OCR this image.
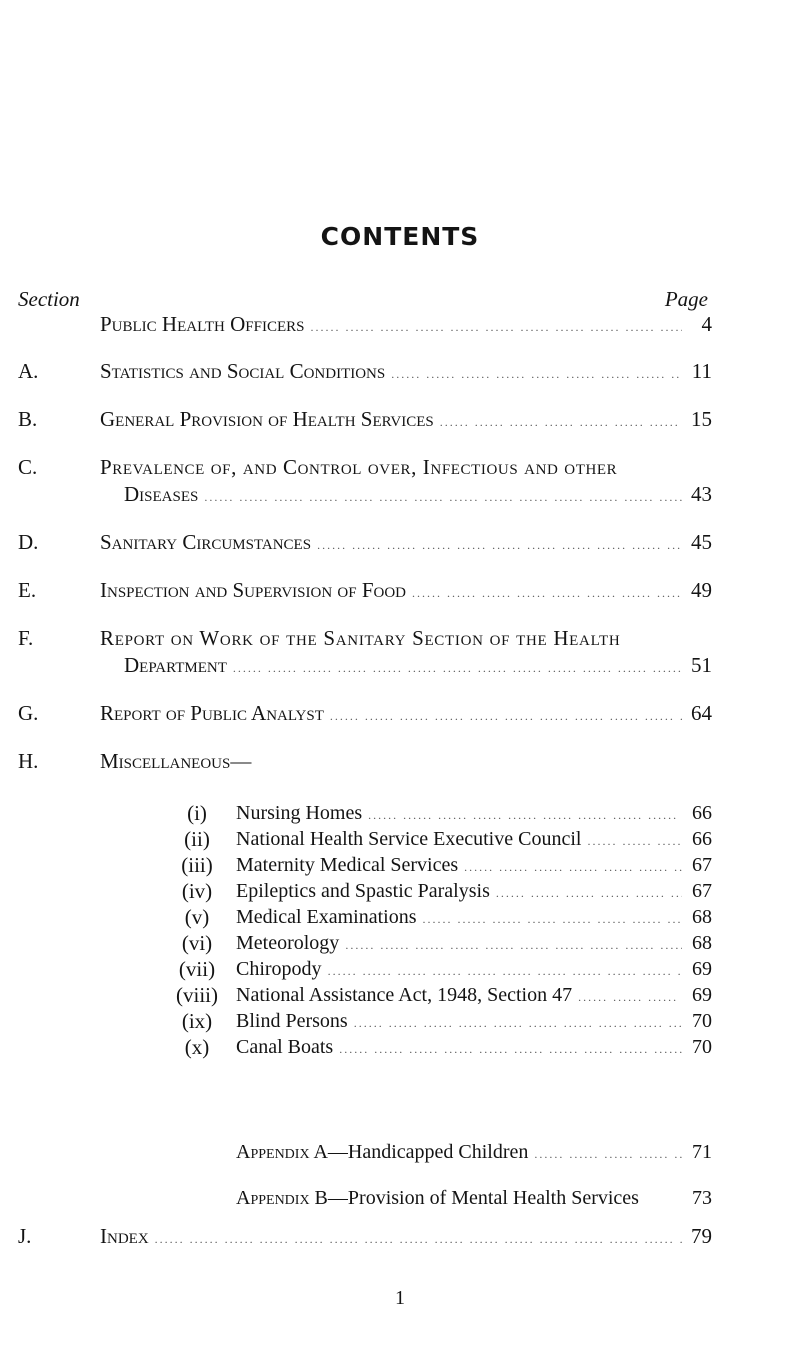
CONTENTS
Section	Page
Public Health Officers .....	4
A.	Statistics and Social Conditions .....	11
B.	General Provision of Health Services .....	15
C.	Prevalence of, and Control over, Infectious and other
Diseases .....	43
D.	Sanitary Circumstances .....	45
E.	Inspection and Supervision of Food .....	49
F.	Report on Work of the Sanitary Section of the Health
Department .....	51
G.	Report of Public Analyst .....	64
H.	Miscellaneous—
(i)	Nursing Homes .....	66
(ii)	National Health Service Executive Council .....	66
(iii)	Maternity Medical Services .....	67
(iv)	Epileptics and Spastic Paralysis .....	67
(v)	Medical Examinations .....	68
(vi)	Meteorology .....	68
(vii)	Chiropody .....	69
(viii) National Assistance Act, 1948, Section 47 .....	69
(ix)	Blind Persons .....	70
(x)	Canal Boats .....	70
Appendix A —Handicapped Children .....	71
Appendix B —Provision of Mental Health Services	73
J.	Index .....	79
1
